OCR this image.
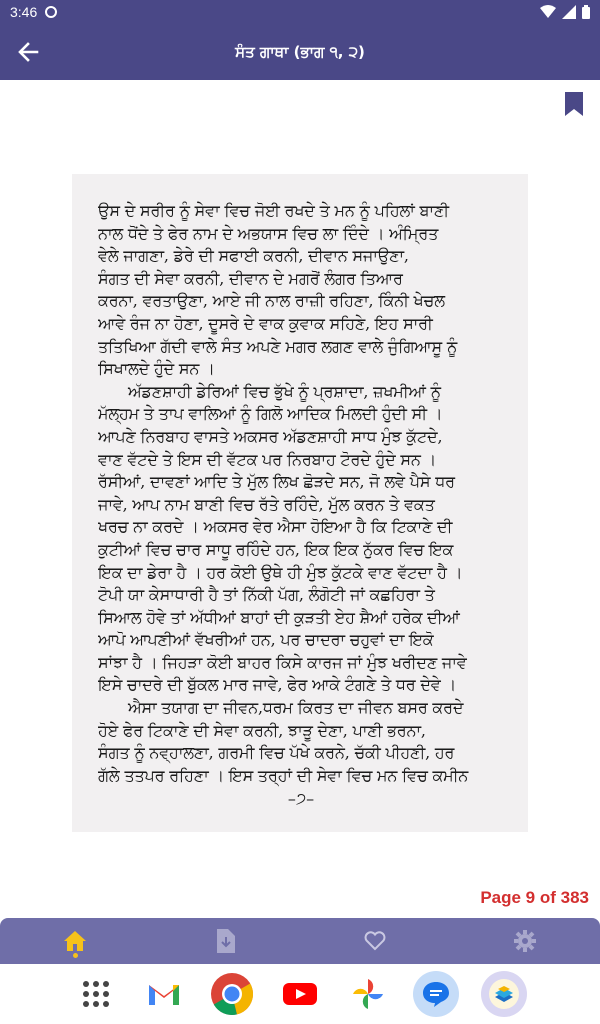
3:46
ਸੰਤ ਗਾਥਾ (ਭਾਗ ੧, ੨)
ਉਸ ਦੇ ਸਰੀਰ ਨੂੰ ਸੇਵਾ ਵਿਚ ਜੋਈ ਰਖਦੇ ਤੇ ਮਨ ਨੂੰ ਪਹਿਲਾਂ ਬਾਣੀ
ਨਾਲ ਧੋਂਦੇ ਤੇ ਫੇਰ ਨਾਮ ਦੇ ਅਭਯਾਸ ਵਿਚ ਲਾ ਦਿੰਦੇ । ਅੰਮ੍ਰਿਤ
ਵੇਲੇ ਜਾਗਣਾ, ਡੇਰੇ ਦੀ ਸਫਾਈ ਕਰਨੀ, ਦੀਵਾਨ ਸਜਾਉਣਾ,
ਸੰਗਤ ਦੀ ਸੇਵਾ ਕਰਨੀ, ਦੀਵਾਨ ਦੇ ਮਗਰੋਂ ਲੰਗਰ ਤਿਆਰ
ਕਰਨਾ, ਵਰਤਾਉਣਾ, ਆਏ ਜੀ ਨਾਲ ਰਾਜ਼ੀ ਰਹਿਣਾ, ਕਿੰਨੀ ਖੇਚਲ
ਆਵੇ ਰੰਜ ਨਾ ਹੋਣਾ, ਦੂਸਰੇ ਦੇ ਵਾਕ ਕੁਵਾਕ ਸਹਿਣੇ, ਇਹ ਸਾਰੀ
ਤਤਿਖਿਆ ਗੱਦੀ ਵਾਲੇ ਸੰਤ ਅਪਣੇ ਮਗਰ ਲਗਣ ਵਾਲੇ ਜੁੰਗਿਆਸੂ ਨੂੰ
ਸਿਖਾਲਦੇ ਹੁੰਦੇ ਸਨ ।
ਅੱਡਣਸ਼ਾਹੀ ਡੇਰਿਆਂ ਵਿਚ ਭੁੱਖੇ ਨੂੰ ਪ੍ਰਸ਼ਾਦਾ, ਜ਼ਖਮੀਆਂ ਨੂੰ
ਮੱਲ੍ਹਮ ਤੇ ਤਾਪ ਵਾਲਿਆਂ ਨੂੰ ਗਿਲੋ ਆਦਿਕ ਮਿਲਦੀ ਹੁੰਦੀ ਸੀ ।
ਆਪਣੇ ਨਿਰਬਾਹ ਵਾਸਤੇ ਅਕਸਰ ਅੱਡਣਸ਼ਾਹੀ ਸਾਧ ਮੁੰਝ ਕੁੱਟਦੇ,
ਵਾਣ ਵੱਟਦੇ ਤੇ ਇਸ ਦੀ ਵੱਟਕ ਪਰ ਨਿਰਬਾਹ ਟੋਰਦੇ ਹੁੰਦੇ ਸਨ ।
ਰੱਸੀਆਂ, ਦਾਵਣਾਂ ਆਦਿ ਤੇ ਮੁੱਲ ਲਿਖ ਛੋੜਦੇ ਸਨ, ਜੋ ਲਵੇ ਪੈਸੇ ਧਰ
ਜਾਵੇ, ਆਪ ਨਾਮ ਬਾਣੀ ਵਿਚ ਰੱਤੇ ਰਹਿੰਦੇ, ਮੁੱਲ ਕਰਨ ਤੇ ਵਕਤ
ਖਰਚ ਨਾ ਕਰਦੇ । ਅਕਸਰ ਵੇਰ ਐਸਾ ਹੋਇਆ ਹੈ ਕਿ ਟਿਕਾਣੇ ਦੀ
ਕੁਟੀਆਂ ਵਿਚ ਚਾਰ ਸਾਧੂ ਰਹਿੰਦੇ ਹਨ, ਇਕ ਇਕ ਨੁੱਕਰ ਵਿਚ ਇਕ
ਇਕ ਦਾ ਡੇਰਾ ਹੈ । ਹਰ ਕੋਈ ਉਥੇ ਹੀ ਮੁੰਝ ਕੁੱਟਕੇ ਵਾਣ ਵੱਟਦਾ ਹੈ ।
ਟੋਪੀ ਯਾ ਕੇਸਾਧਾਰੀ ਹੈ ਤਾਂ ਨਿੱਕੀ ਪੱਗ, ਲੰਗੋਟੀ ਜਾਂ ਕਛਹਿਰਾ ਤੇ
ਸਿਆਲ ਹੋਵੇ ਤਾਂ ਅੱਧੀਆਂ ਬਾਹਾਂ ਦੀ ਕੁੜਤੀ ਏਹ ਸ਼ੈਆਂ ਹਰੇਕ ਦੀਆਂ
ਆਪੋ ਆਪਣੀਆਂ ਵੱਖਰੀਆਂ ਹਨ, ਪਰ ਚਾਦਰਾ ਚਹੁਵਾਂ ਦਾ ਇਕੋ
ਸਾਂਝਾ ਹੈ । ਜਿਹੜਾ ਕੋਈ ਬਾਹਰ ਕਿਸੇ ਕਾਰਜ ਜਾਂ ਮੁੰਝ ਖਰੀਦਣ ਜਾਵੇ
ਇਸੇ ਚਾਦਰੇ ਦੀ ਬੁੱਕਲ ਮਾਰ ਜਾਵੇ, ਫੇਰ ਆਕੇ ਟੰਗਣੇ ਤੇ ਧਰ ਦੇਵੇ ।
ਐਸਾ ਤਯਾਗ ਦਾ ਜੀਵਨ,ਧਰਮ ਕਿਰਤ ਦਾ ਜੀਵਨ ਬਸਰ ਕਰਦੇ
ਹੋਏ ਫੇਰ ਟਿਕਾਣੇ ਦੀ ਸੇਵਾ ਕਰਨੀ, ਝਾੜੂ ਦੇਣਾ, ਪਾਣੀ ਭਰਨਾ,
ਸੰਗਤ ਨੂੰ ਨਵ੍ਹਾਲਣਾ, ਗਰਮੀ ਵਿਚ ਪੱਖੇ ਕਰਨੇ, ਚੱਕੀ ਪੀਹਣੀ, ਹਰ
ਗੱਲੇ ਤਤਪਰ ਰਹਿਣਾ । ਇਸ ਤਰ੍ਹਾਂ ਦੀ ਸੇਵਾ ਵਿਚ ਮਨ ਵਿਚ ਕਮੀਨ
–੭–
Page 9 of 383
